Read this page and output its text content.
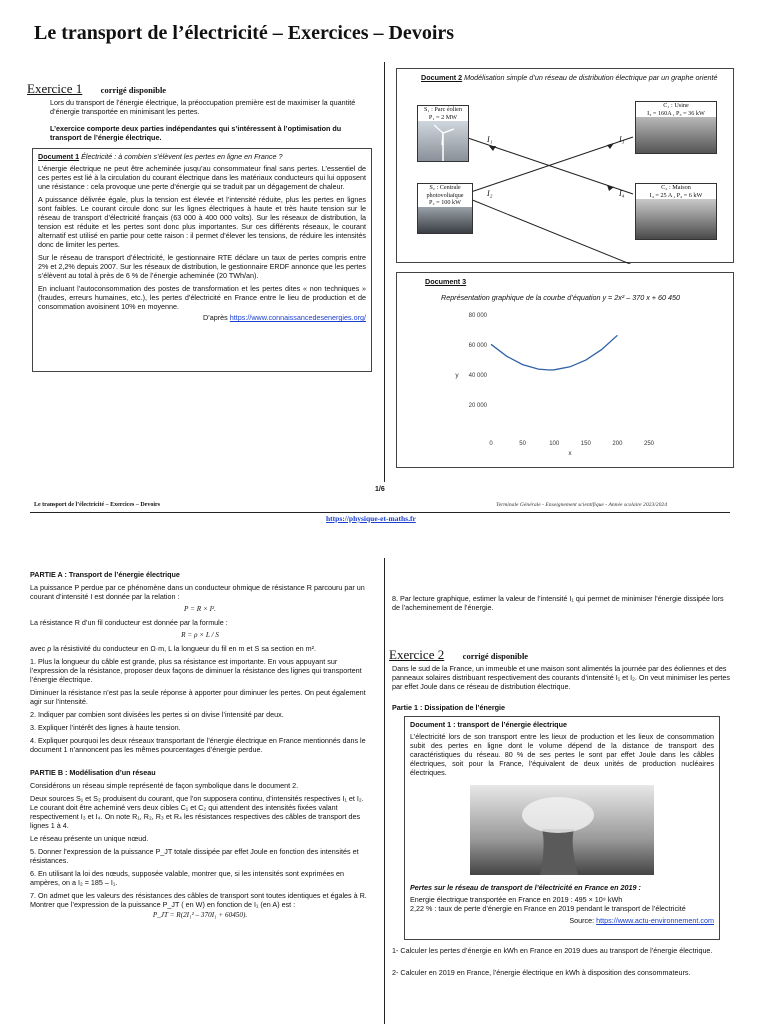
Le transport de l’électricité – Exercices – Devoirs
Exercice 1 corrigé disponible

Lors du transport de l’énergie électrique, la préoccupation première est de maximiser la quantité d’énergie transportée en minimisant les pertes.

L’exercice comporte deux parties indépendantes qui s’intéressent à l’optimisation du transport de l’énergie électrique.

Document 1 Électricité : à combien s’élèvent les pertes en ligne en France ?

L’énergie électrique ne peut être acheminée jusqu’au consommateur final sans pertes. L’essentiel de ces pertes est lié à la circulation du courant électrique dans les matériaux conducteurs qui lui opposent une résistance : cela provoque une perte d’énergie qui se traduit par un dégagement de chaleur.

A puissance délivrée égale, plus la tension est élevée et l’intensité réduite, plus les pertes en lignes sont faibles. Le courant circule donc sur les lignes électriques à haute et très haute tension sur le réseau de transport d’électricité français (63 000 à 400 000 volts). Sur les réseaux de distribution, la tension est réduite et les pertes sont donc plus importantes. Sur ces différents réseaux, le courant alternatif est utilisé en partie pour cette raison : il permet d’élever les tensions, de réduire les intensités donc de limiter les pertes.

Sur le réseau de transport d’électricité, le gestionnaire RTE déclare un taux de pertes compris entre 2% et 2,2% depuis 2007. Sur les réseaux de distribution, le gestionnaire ERDF annonce que les pertes s’élèvent au total à près de 6 % de l’énergie acheminée (20 TWh/an).

En incluant l’autoconsommation des postes de transformation et les pertes dites « non techniques » (fraudes, erreurs humaines, etc.), les pertes d’électricité en France entre le lieu de production et de consommation avoisinent 10% en moyenne.

D’après https://www.connaissancedesenergies.org/

Document 2 Modélisation simple d’un réseau de distribution électrique par un graphe orienté

S₁ : Parc éolien
P₁ = 2 MW
S₂ : Centrale
photovoltaïque
P₂ = 100 kW
C₁ : Usine
I₃ = 160A , P₃ = 36 kW
C₂ : Maison
I₄ = 25 A , P₄ = 6 kW
I₁
I₂
I₃
I₄
Document 3

Représentation graphique de la courbe d’équation y = 2x² – 370 x + 60 450

0	50	100	150	200	250
20 000
40 000
60 000
80 000
x
y
1/6
Le transport de l’électricité – Exercices – Devoirs	Terminale Générale - Enseignement scientifique - Année scolaire 2023/2024
https://physique-et-maths.fr

PARTIE A : Transport de l’énergie électrique

La puissance P perdue par ce phénomène dans un conducteur ohmique de résistance R parcouru par un courant d’intensité I est donnée par la relation :

P = R × I².

La résistance R d’un fil conducteur est donnée par la formule :

R = ρ × L / S

avec ρ la résistivité du conducteur en Ω·m, L la longueur du fil en m et S sa section en m².

1. Plus la longueur du câble est grande, plus sa résistance est importante. En vous appuyant sur l’expression de la résistance, proposer deux façons de diminuer la résistance des lignes qui transportent l’énergie électrique.

Diminuer la résistance n’est pas la seule réponse à apporter pour diminuer les pertes. On peut également agir sur l’intensité.

2. Indiquer par combien sont divisées les pertes si on divise l’intensité par deux.

3. Expliquer l’intérêt des lignes à haute tension.

4. Expliquer pourquoi les deux réseaux transportant de l’énergie électrique en France mentionnés dans le document 1 n’annoncent pas les mêmes pourcentages d’énergie perdue.

PARTIE B : Modélisation d’un réseau

Considérons un réseau simple représenté de façon symbolique dans le document 2.

Deux sources S₁ et S₂ produisent du courant, que l’on supposera continu, d’intensités respectives I₁ et I₂. Le courant doit être acheminé vers deux cibles C₁ et C₂ qui attendent des intensités fixées valant respectivement I₃ et I₄. On note R₁, R₂, R₃ et R₄ les résistances respectives des câbles de transport des lignes 1 à 4.

Le réseau présente un unique nœud.

5. Donner l’expression de la puissance P_JT totale dissipée par effet Joule en fonction des intensités et résistances.

6. En utilisant la loi des nœuds, supposée valable, montrer que, si les intensités sont exprimées en ampères, on a I₂ = 185 – I₁.

7. On admet que les valeurs des résistances des câbles de transport sont toutes identiques et égales à R. Montrer que l’expression de la puissance P_JT ( en W) en fonction de I₁ (en A) est :

P_JT = R(2I₁² – 370I₁ + 60450).

8. Par lecture graphique, estimer la valeur de l’intensité I₁ qui permet de minimiser l’énergie dissipée lors de l’acheminement de l’énergie.

Exercice 2 corrigé disponible

Dans le sud de la France, un immeuble et une maison sont alimentés la journée par des éoliennes et des panneaux solaires distribuant respectivement des courants d’intensité I₁ et I₂. On veut minimiser les pertes par effet Joule dans ce réseau de distribution électrique.

Partie 1 : Dissipation de l’énergie

Document 1 : transport de l’énergie électrique

L’électricité lors de son transport entre les lieux de production et les lieux de consommation subit des pertes en ligne dont le volume dépend de la distance de transport des caractéristiques du réseau. 80 % de ses pertes le sont par effet Joule dans les câbles électriques, soit pour la France, l’équivalent de deux unités de production nucléaires électriques.

Pertes sur le réseau de transport de l’électricité en France en 2019 :

Energie électrique transportée en France en 2019 : 495 × 10⁹ kWh

2,22 % : taux de perte d’énergie en France en 2019 pendant le transport de l’électricité

Source: https://www.actu-environnement.com

1- Calculer les pertes d’énergie en kWh en France en 2019 dues au transport de l’énergie électrique.

2- Calculer en 2019 en France, l’énergie électrique en kWh à disposition des consommateurs.
